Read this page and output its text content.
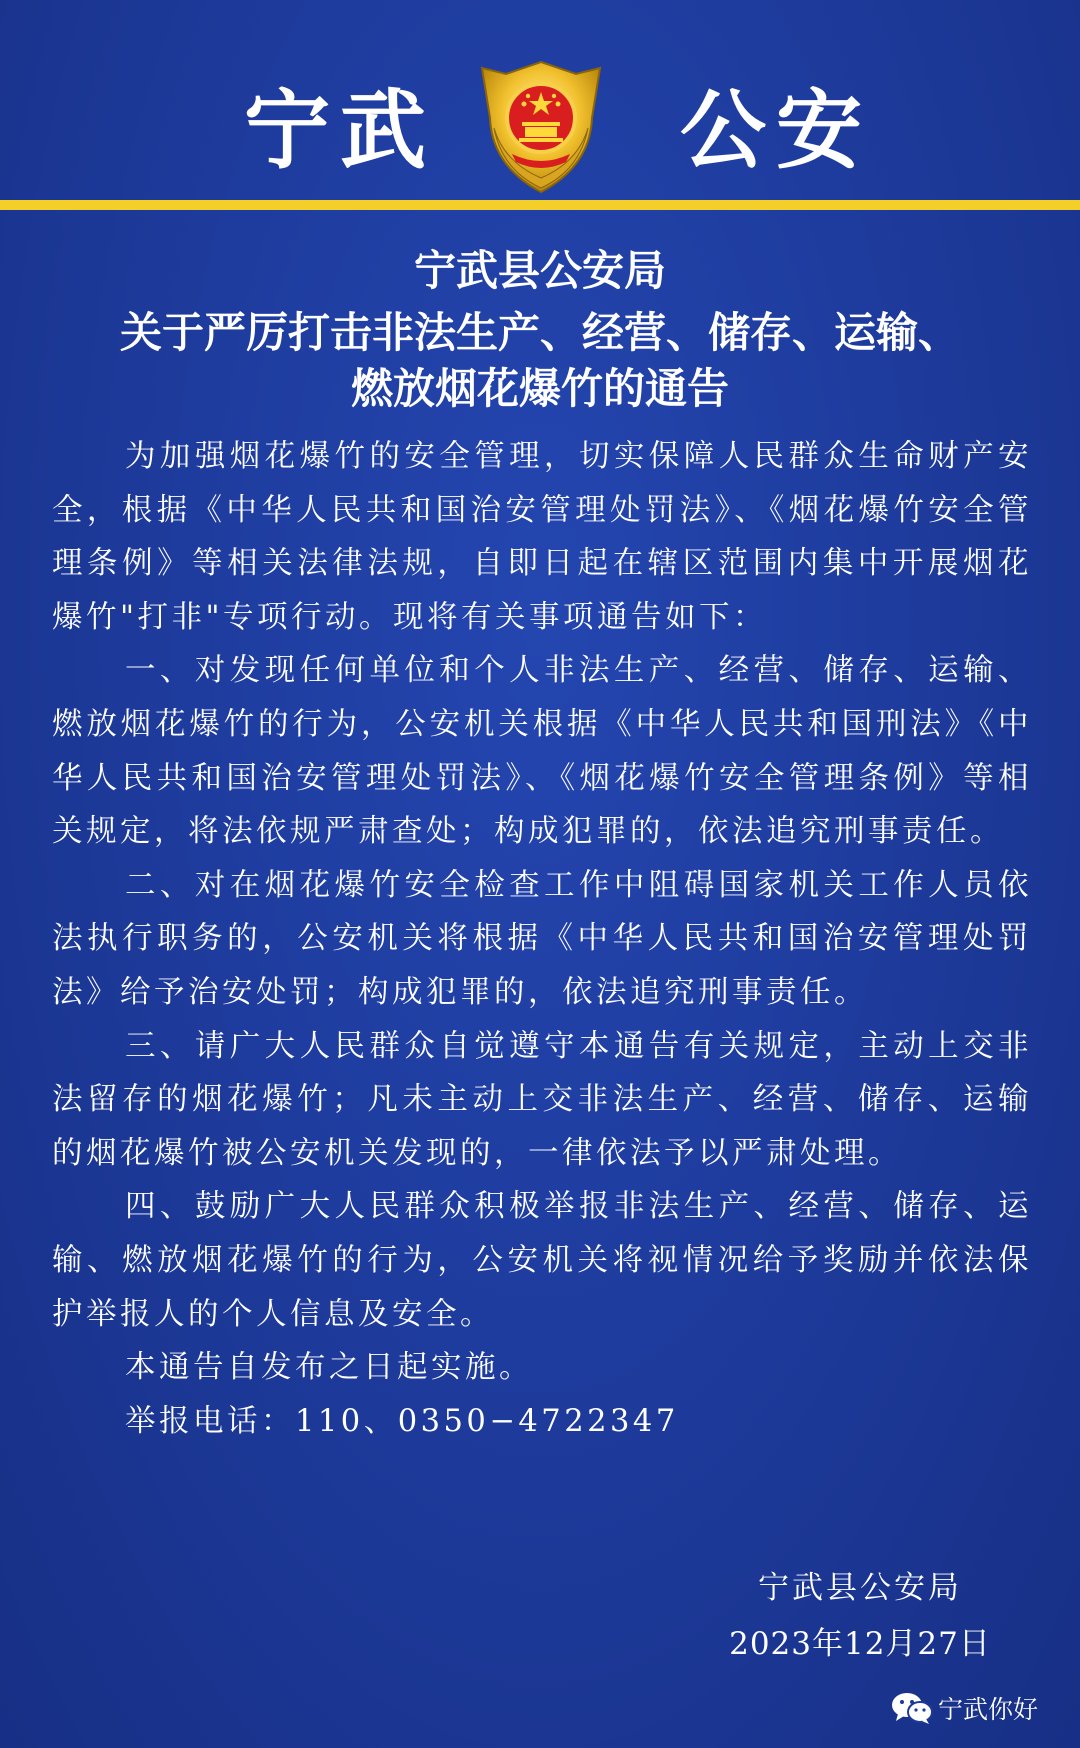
宁武	公安
宁武县公安局
关于严厉打击非法生产、经营、储存、运输、
燃放烟花爆竹的通告

为加强烟花爆竹的安全管理，切实保障人民群众生命财产安全，根据《中华人民共和国治安管理处罚法》、《烟花爆竹安全管理条例》等相关法律法规，自即日起在辖区范围内集中开展烟花爆竹"打非"专项行动。现将有关事项通告如下：

一、对发现任何单位和个人非法生产、经营、储存、运输、燃放烟花爆竹的行为，公安机关根据《中华人民共和国刑法》《中华人民共和国治安管理处罚法》、《烟花爆竹安全管理条例》等相关规定，将法依规严肃查处；构成犯罪的，依法追究刑事责任。

二、对在烟花爆竹安全检查工作中阻碍国家机关工作人员依法执行职务的，公安机关将根据《中华人民共和国治安管理处罚法》给予治安处罚；构成犯罪的，依法追究刑事责任。

三、请广大人民群众自觉遵守本通告有关规定，主动上交非法留存的烟花爆竹；凡未主动上交非法生产、经营、储存、运输的烟花爆竹被公安机关发现的，一律依法予以严肃处理。

四、鼓励广大人民群众积极举报非法生产、经营、储存、运输、燃放烟花爆竹的行为，公安机关将视情况给予奖励并依法保护举报人的个人信息及安全。

本通告自发布之日起实施。

举报电话：110、0350−4722347

宁武县公安局
2023年12月27日
宁武你好
